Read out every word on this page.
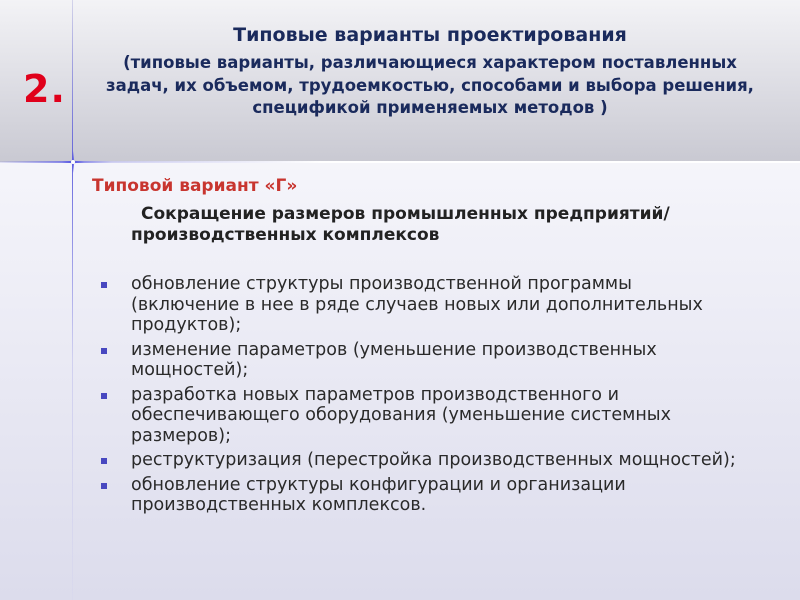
2.
Типовые варианты проектирования
(типовые варианты, различающиеся характером поставленных задач, их объемом, трудоемкостью, способами и выбора решения, спецификой применяемых методов )
Типовой вариант «Г»

Сокращение размеров промышленных предприятий/ производственных комплексов

обновление структуры производственной программы (включение в нее в ряде случаев новых или дополнительных продуктов);
изменение параметров (уменьшение производственных мощностей);
разработка новых параметров производственного и обеспечивающего оборудования (уменьшение системных размеров);
реструктуризация (перестройка производственных мощностей);
обновление структуры конфигурации и организации производственных комплексов.
